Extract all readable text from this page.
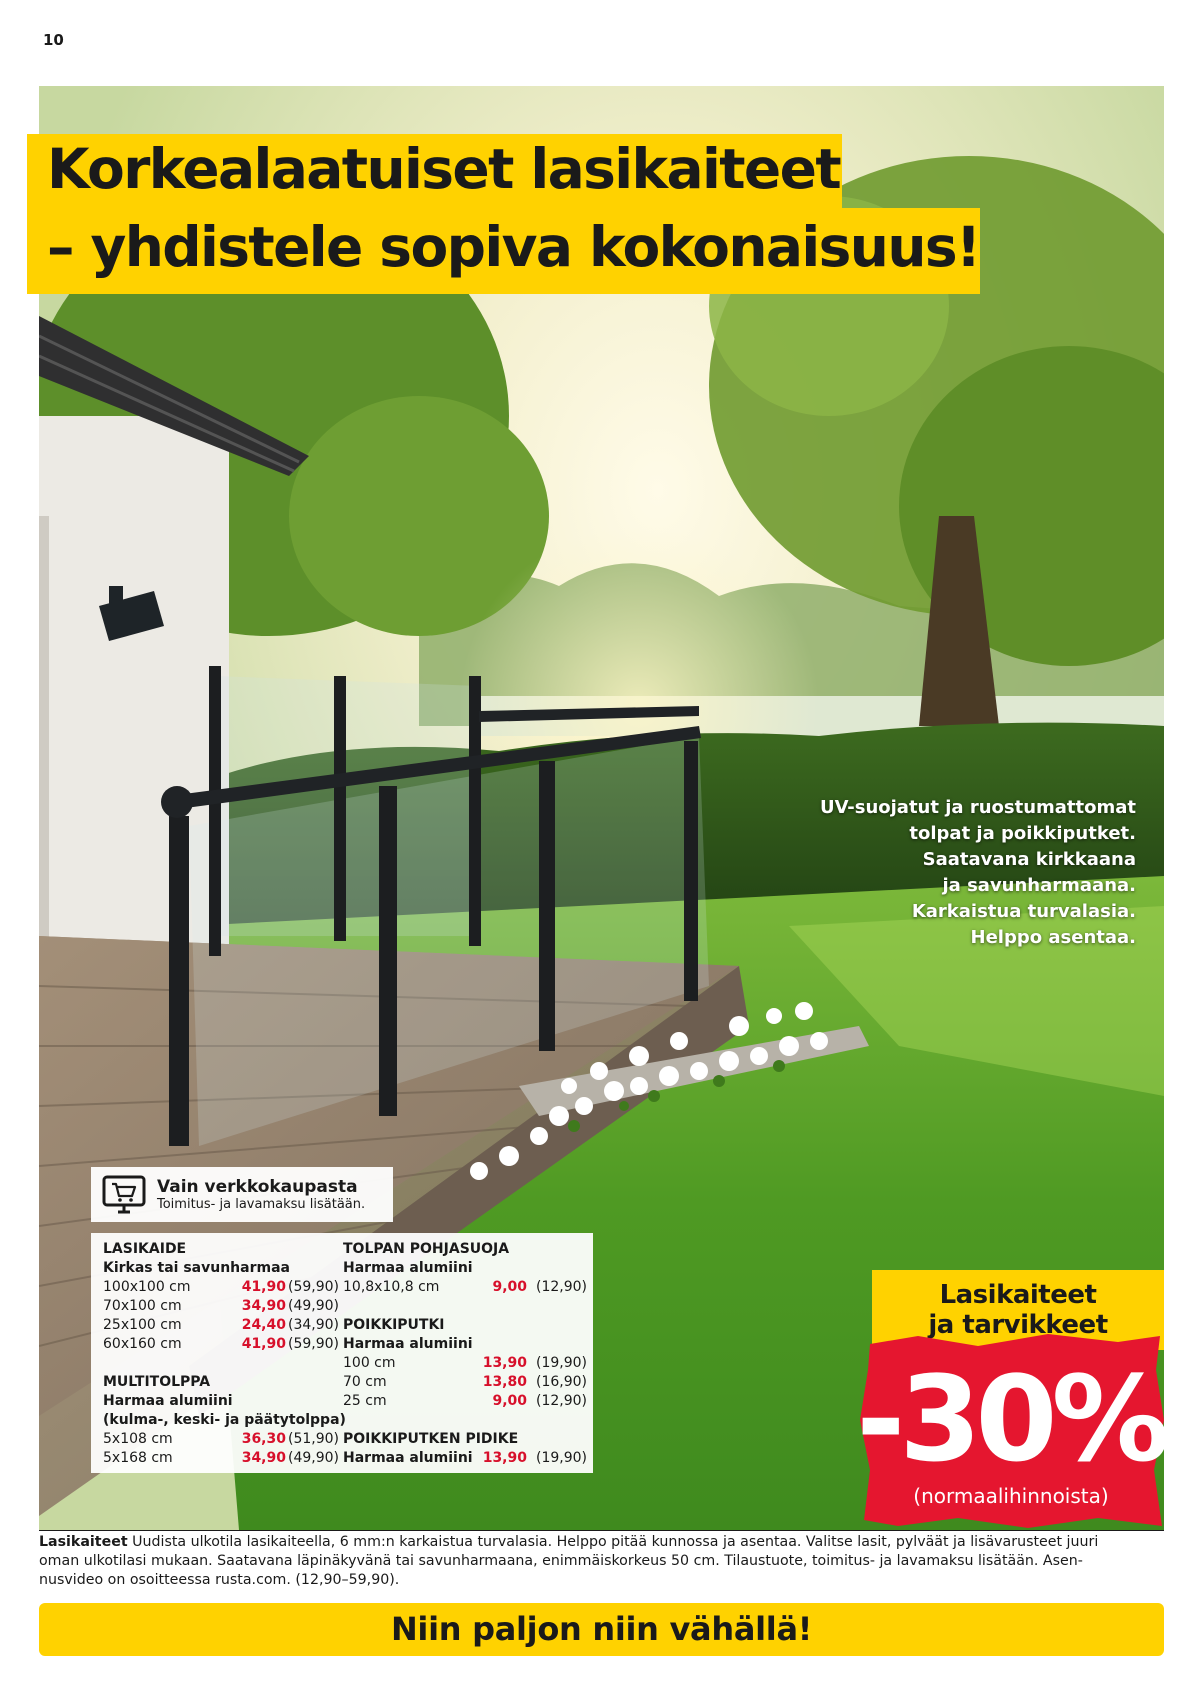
10
Korkealaatuiset lasikaiteet
– yhdistele sopiva kokonaisuus!
UV-suojatut ja ruostumattomat
tolpat ja poikkiputket.
Saatavana kirkkaana
ja savunharmaana.
Karkaistua turvalasia.
Helppo asentaa.
Vain verkkokaupasta
Toimitus- ja lavamaksu lisätään.
LASIKAIDE
Kirkas tai savunharmaa
100x100 cm	41,90 (59,90)
70x100 cm	34,90 (49,90)
25x100 cm	24,40 (34,90)
60x160 cm	41,90 (59,90)
MULTITOLPPA
Harmaa alumiini
(kulma-, keski- ja päätytolppa)
5x108 cm	36,30 (51,90)
5x168 cm	34,90 (49,90)
TOLPAN POHJASUOJA
Harmaa alumiini
10,8x10,8 cm	9,00 (12,90)
POIKKIPUTKI
Harmaa alumiini
100 cm	13,90 (19,90)
70 cm	13,80 (16,90)
25 cm	9,00 (12,90)
POIKKIPUTKEN PIDIKE
Harmaa alumiini 13,90 (19,90)
Lasikaiteet
ja tarvikkeet
-30%
(normaalihinnoista)
Lasikaiteet Uudista ulkotila lasikaiteella, 6 mm:n karkaistua turvalasia. Helppo pitää kunnossa ja asentaa. Valitse lasit, pylväät ja lisävarusteet juuri
oman ulkotilasi mukaan. Saatavana läpinäkyvänä tai savunharmaana, enimmäiskorkeus 50 cm. Tilaustuote, toimitus- ja lavamaksu lisätään. Asen-
nusvideo on osoitteessa rusta.com. (12,90–59,90).
Niin paljon niin vähällä!
